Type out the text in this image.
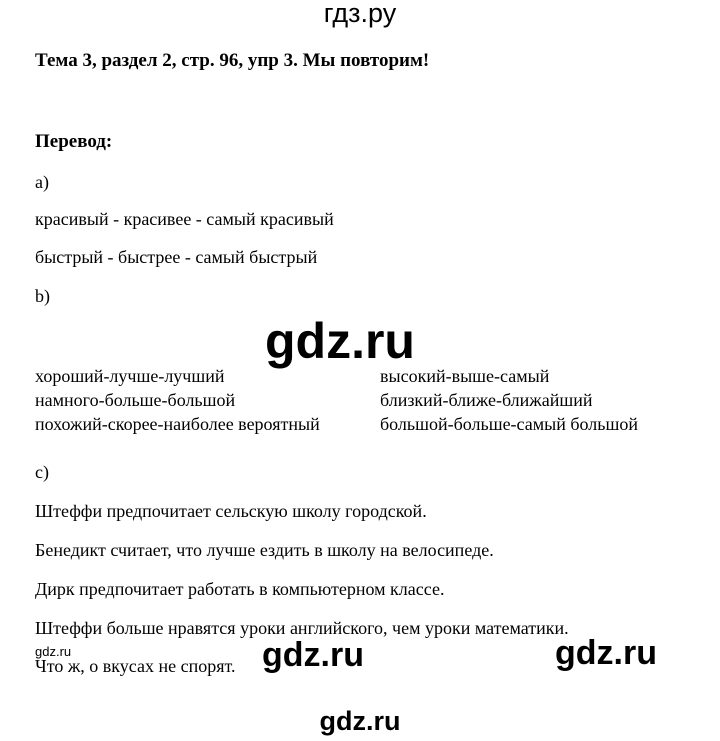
гдз.ру
Тема 3, раздел 2, стр. 96, упр 3. Мы повторим!
Перевод:
a)
красивый - красивее - самый красивый
быстрый - быстрее - самый быстрый
b)
gdz.ru
хороший-лучше-лучший
намного-больше-большой
похожий-скорее-наиболее вероятный
высокий-выше-самый
близкий-ближе-ближайший
большой-больше-самый большой
c)
Штеффи предпочитает сельскую школу городской.
Бенедикт считает, что лучше ездить в школу на велосипеде.
Дирк предпочитает работать в компьютерном классе.
Штеффи больше нравятся уроки английского, чем уроки математики.
Что ж, о вкусах не спорят.
gdz.ru	gdz.ru	gdz.ru
gdz.ru
